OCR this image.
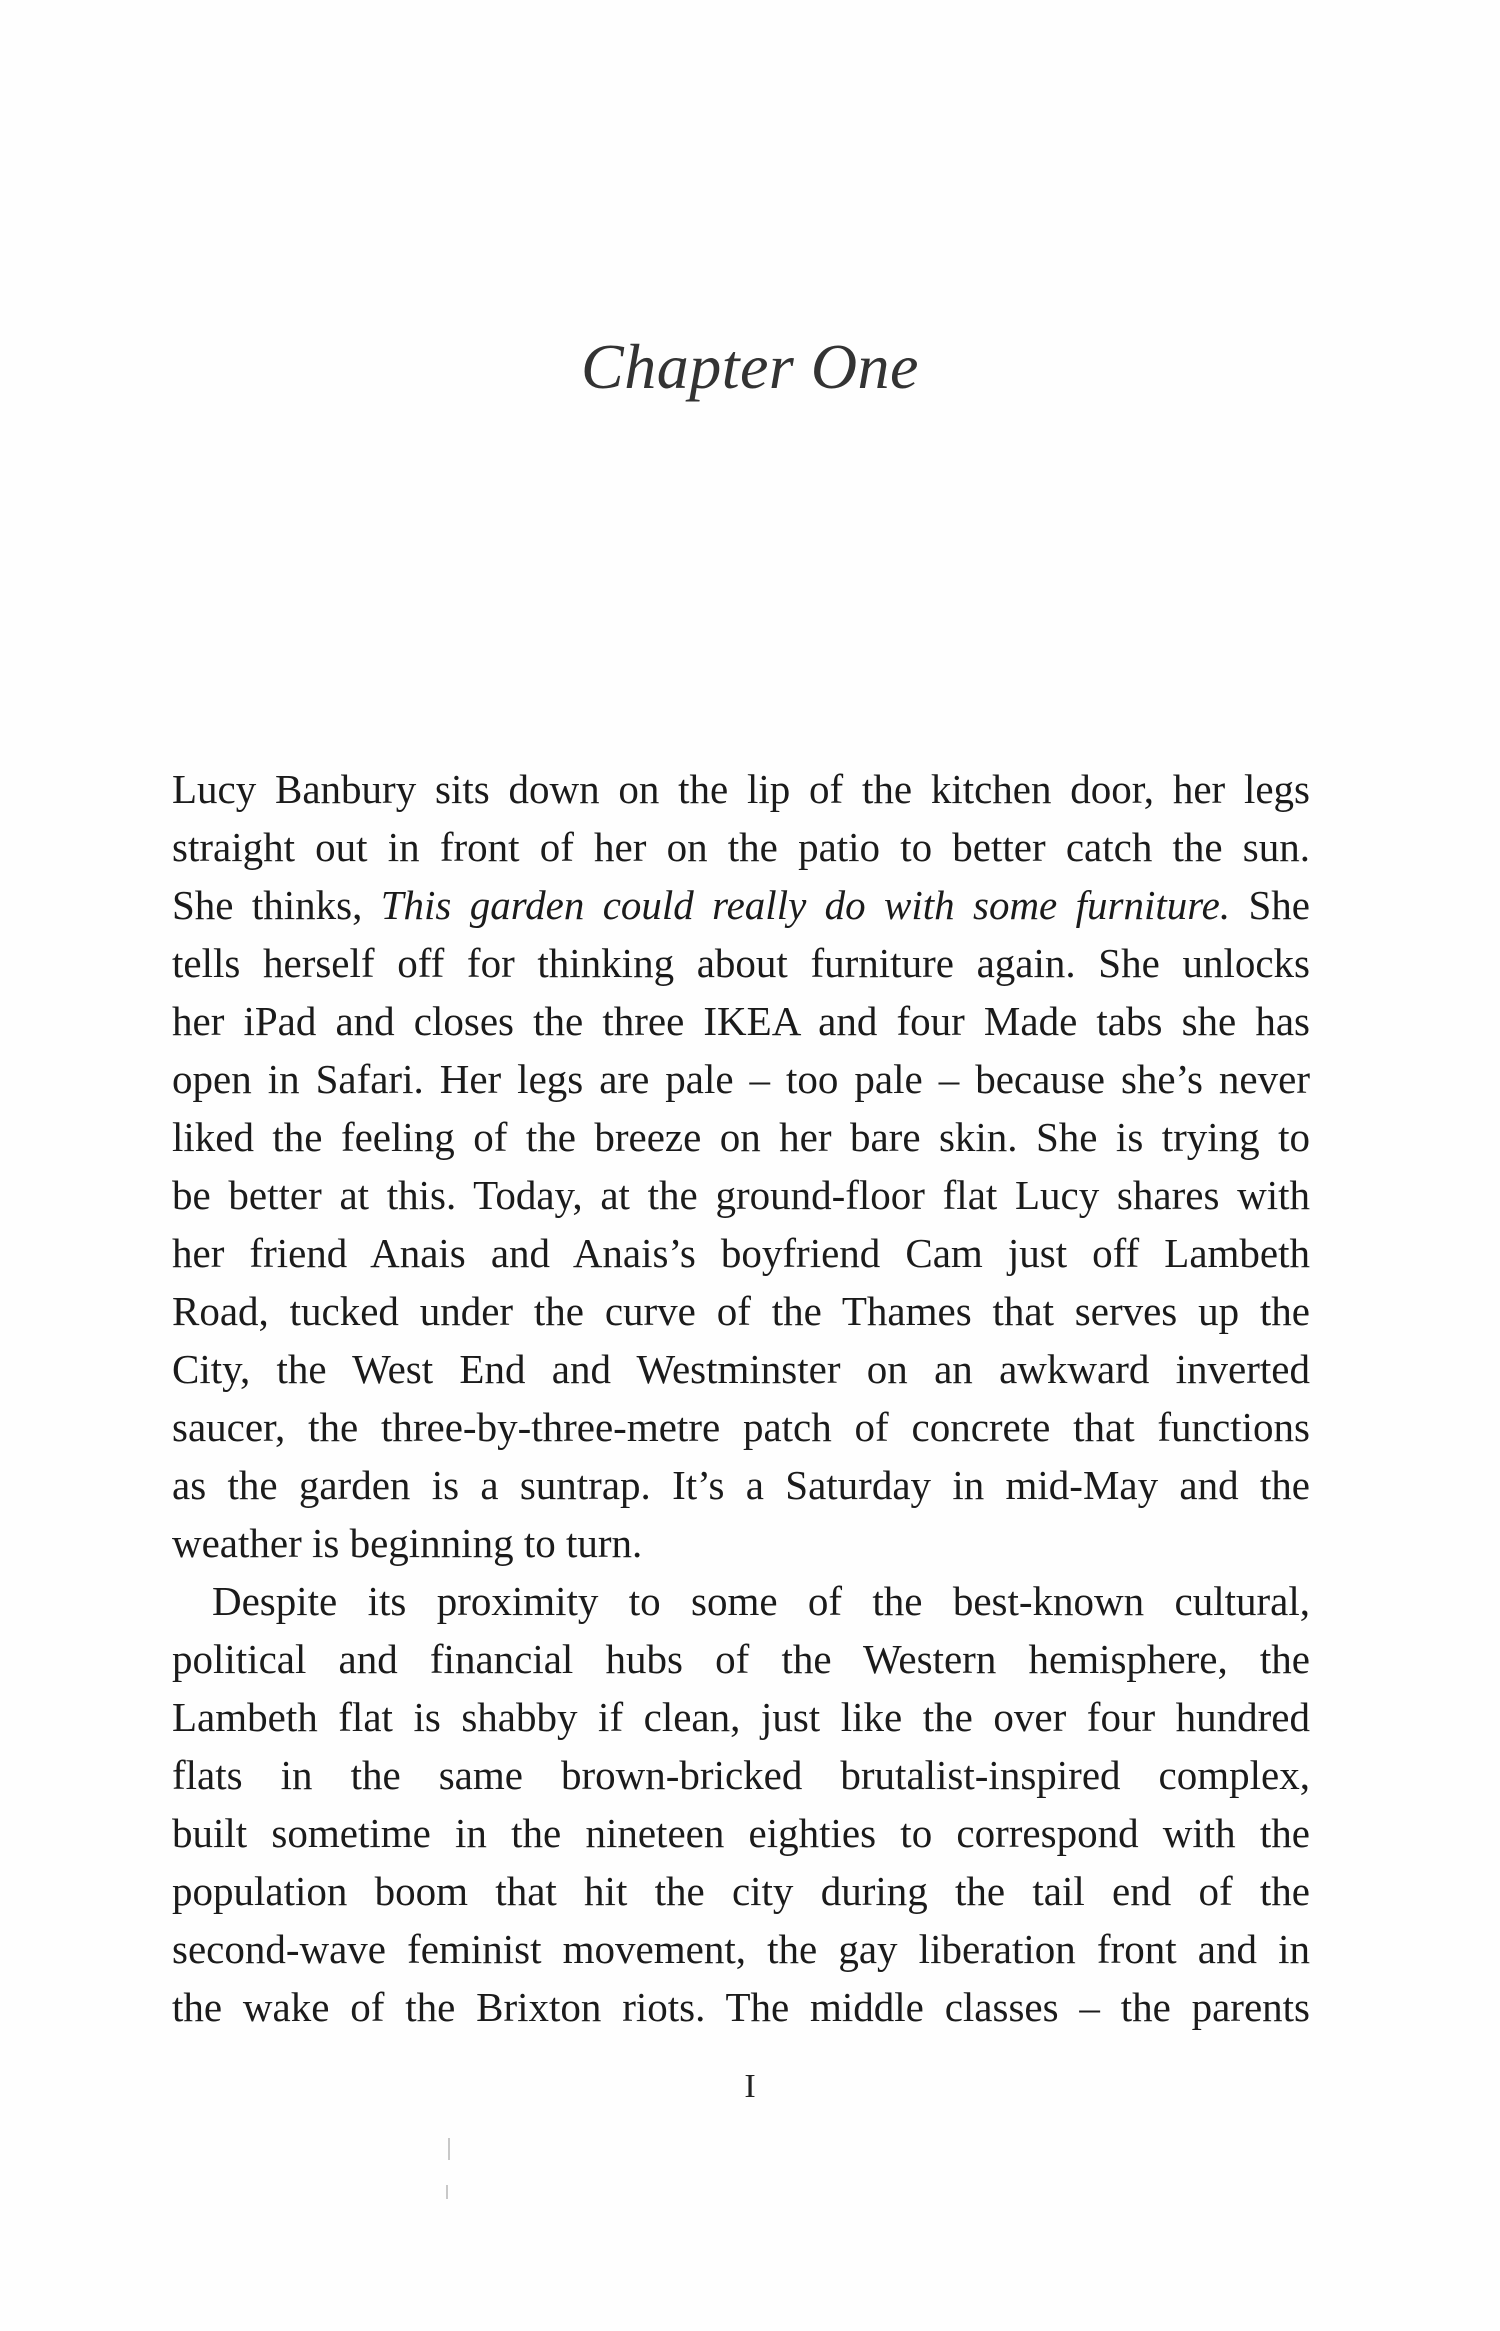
Chapter One
Lucy Banbury sits down on the lip of the kitchen door, her legs
straight out in front of her on the patio to better catch the sun.
She thinks, This garden could really do with some furniture. She
tells herself off for thinking about furniture again. She unlocks
her iPad and closes the three IKEA and four Made tabs she has
open in Safari. Her legs are pale – too pale – because she’s never
liked the feeling of the breeze on her bare skin. She is trying to
be better at this. Today, at the ground-floor flat Lucy shares with
her friend Anais and Anais’s boyfriend Cam just off Lambeth
Road, tucked under the curve of the Thames that serves up the
City, the West End and Westminster on an awkward inverted
saucer, the three-by-three-metre patch of concrete that functions
as the garden is a suntrap. It’s a Saturday in mid-May and the
weather is beginning to turn.
Despite its proximity to some of the best-known cultural,
political and financial hubs of the Western hemisphere, the
Lambeth flat is shabby if clean, just like the over four hundred
flats in the same brown-bricked brutalist-inspired complex,
built sometime in the nineteen eighties to correspond with the
population boom that hit the city during the tail end of the
second-wave feminist movement, the gay liberation front and in
the wake of the Brixton riots. The middle classes – the parents
I
